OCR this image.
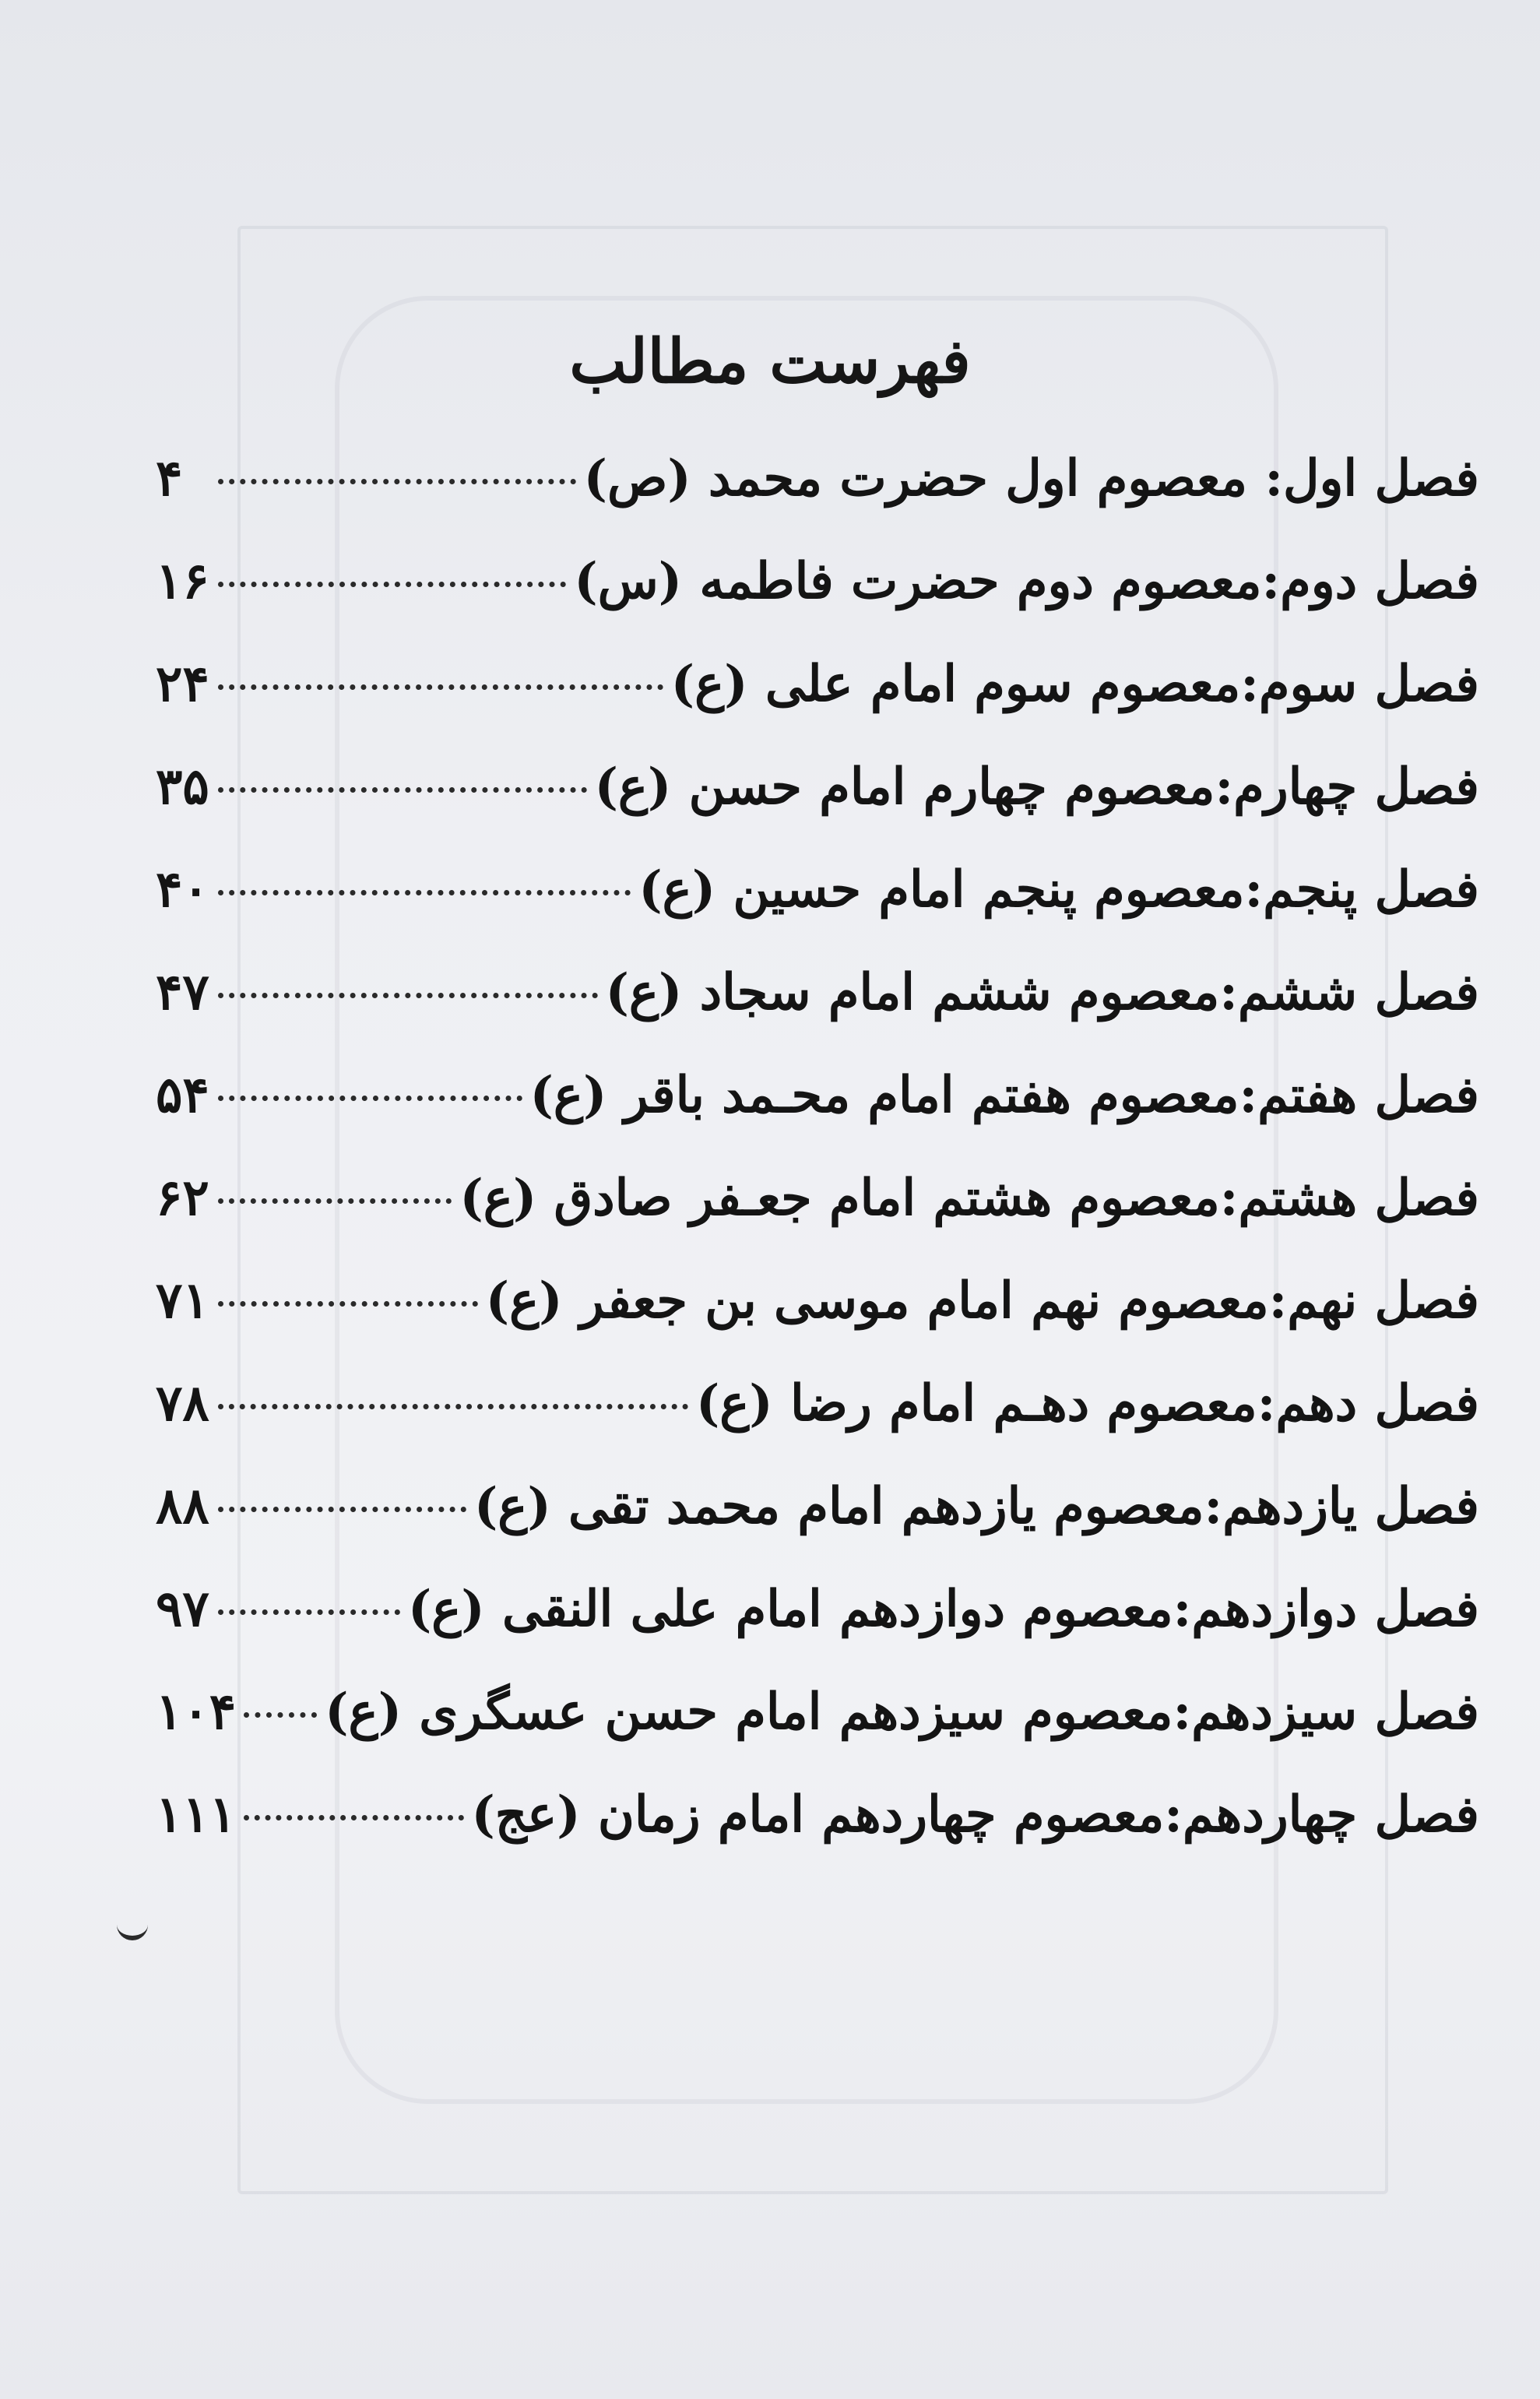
فهرست مطالب
فصل اول: معصوم اول حضرت محمد (ص)
۴
فصل دوم:معصوم دوم حضرت فاطمه (س)
۱۶
فصل سوم:معصوم سوم امام علی (ع)
۲۴
فصل چهارم:معصوم چهارم امام حسن (ع)
۳۵
فصل پنجم:معصوم پنجم امام حسین (ع)
۴۰
فصل ششم:معصوم ششم امام سجاد (ع)
۴۷
فصل هفتم:معصوم هفتم امام محـمد باقر (ع)
۵۴
فصل هشتم:معصوم هشتم امام جعـفر صادق (ع)
۶۲
فصل نهم:معصوم نهم امام موسی بن جعفر (ع)
۷۱
فصل دهم:معصوم دهـم امام رضا (ع)
۷۸
فصل یازدهم:معصوم یازدهم امام محمد تقی (ع)
۸۸
فصل دوازدهم:معصوم دوازدهم امام علی النقی (ع)
۹۷
فصل سیزدهم:معصوم سیزدهم امام حسن عسگری (ع)
۱۰۴
فصل چهاردهم:معصوم چهاردهم امام زمان (عج)
۱۱۱
